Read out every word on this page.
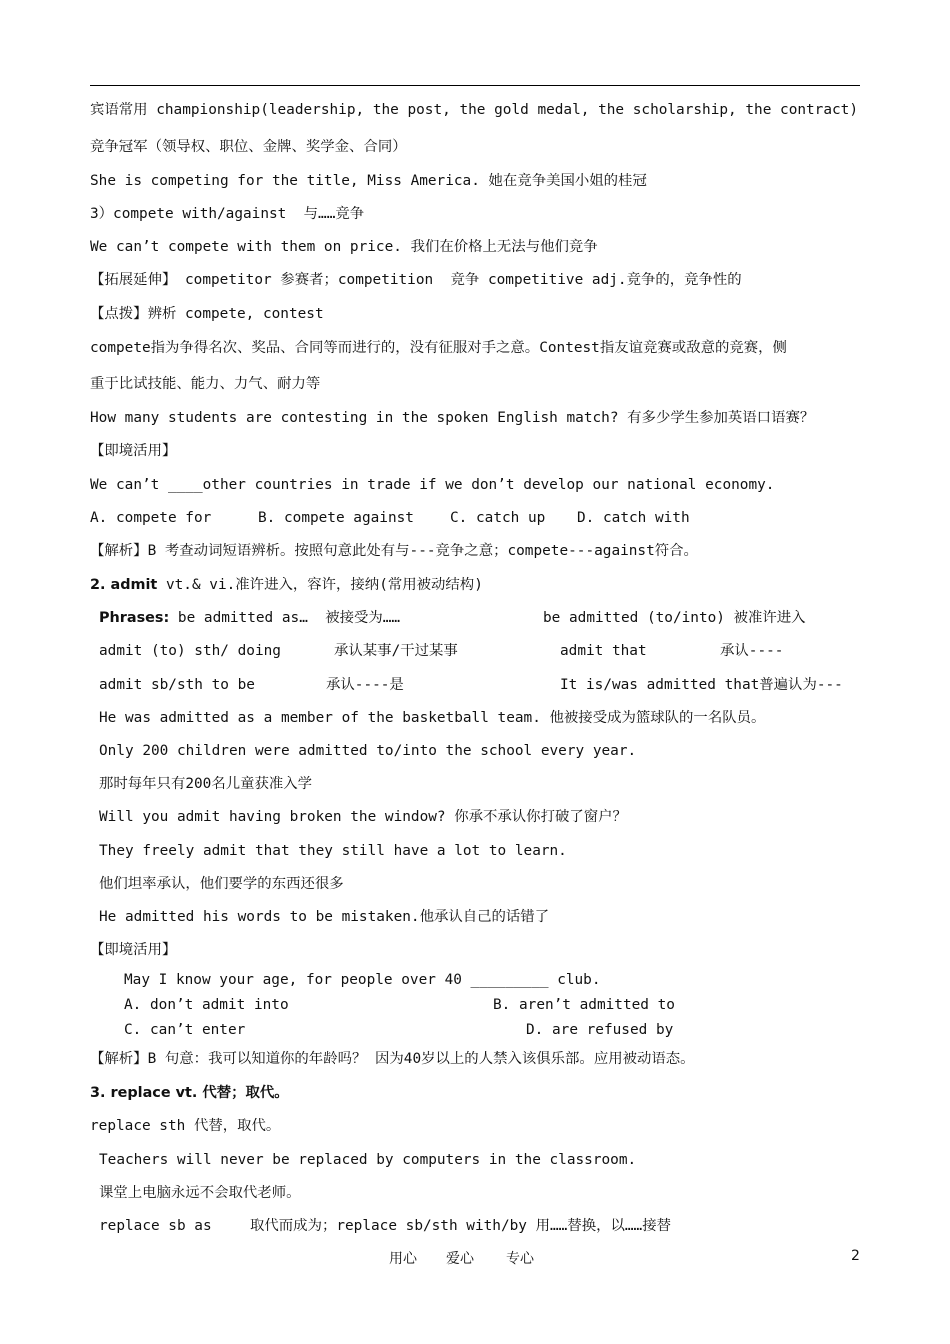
宾语常用 championship(leadership, the post, the gold medal, the scholarship, the contract)
竞争冠军（领导权、职位、金牌、奖学金、合同）
She is competing for the title, Miss America. 她在竞争美国小姐的桂冠
3）compete with/against  与……竞争
We can’t compete with them on price. 我们在价格上无法与他们竞争
【拓展延伸】 competitor 参赛者；competition  竞争 competitive adj.竞争的，竞争性的
【点拨】辨析 compete, contest
compete指为争得名次、奖品、合同等而进行的，没有征服对手之意。Contest指友谊竞赛或敌意的竞赛，侧
重于比试技能、能力、力气、耐力等
How many students are contesting in the spoken English match? 有多少学生参加英语口语赛？
【即境活用】
We can’t ____other countries in trade if we don’t develop our national economy.
A. compete for	B. compete against	C. catch up D. catch with
【解析】B 考查动词短语辨析。按照句意此处有与---竞争之意；compete---against符合。
2. admit vt.& vi.准许进入，容许，接纳(常用被动结构)
Phrases: be admitted as…  被接受为……	be admitted (to/into) 被准许进入
admit (to) sth/ doing	承认某事/干过某事	admit that	承认----
admit sb/sth to be	承认----是	It is/was admitted that普遍认为---
He was admitted as a member of the basketball team. 他被接受成为篮球队的一名队员。
Only 200 children were admitted to/into the school every year.
那时每年只有200名儿童获准入学
Will you admit having broken the window? 你承不承认你打破了窗户？
They freely admit that they still have a lot to learn.
他们坦率承认，他们要学的东西还很多
He admitted his words to be mistaken.他承认自己的话错了
【即境活用】
May I know your age, for people over 40 _________ club.
A. don’t admit into	B. aren’t admitted to
C. can’t enter	D. are refused by
【解析】B 句意：我可以知道你的年龄吗？ 因为40岁以上的人禁入该俱乐部。应用被动语态。
3. replace vt. 代替；取代。
replace sth 代替，取代。
Teachers will never be replaced by computers in the classroom.
课堂上电脑永远不会取代老师。
replace sb as	取代而成为；replace sb/sth with/by 用……替换，以……接替
用心 爱心 专心	2
